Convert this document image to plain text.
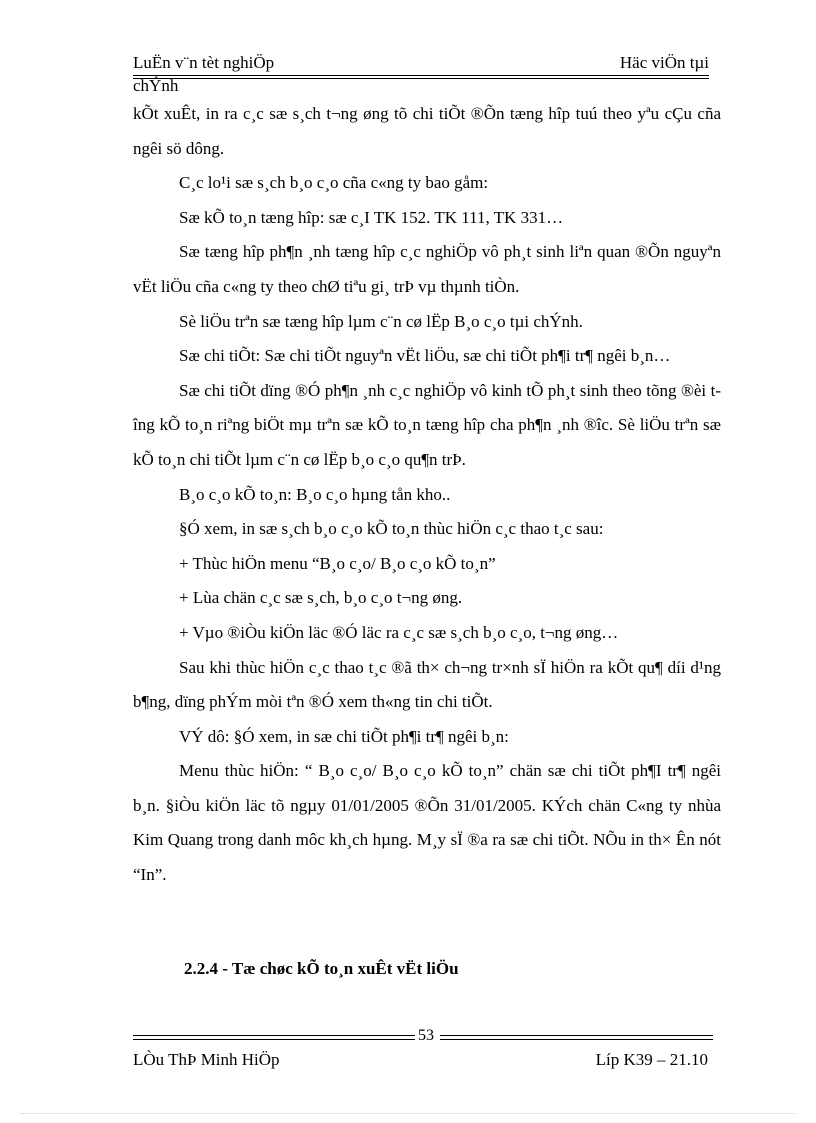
LuËn v¨n tèt nghiÖp	Häc viÖn tµi
chÝnh

kÕt xuÊt, in ra c¸c sæ s¸ch t¬ng øng tõ chi tiÕt ®Õn tæng hîp tuú theo yªu cÇu cña ngêi sö dông.

C¸c lo¹i sæ s¸ch b¸o c¸o cña c«ng ty bao gåm:

Sæ kÕ to¸n tæng hîp: sæ c¸I TK 152. TK 111, TK 331…

Sæ tæng hîp ph¶n ¸nh tæng hîp c¸c nghiÖp vô ph¸t sinh liªn quan ®Õn nguyªn vËt liÖu cña c«ng ty theo chØ tiªu gi¸ trÞ vµ thµnh tiÒn.

Sè liÖu trªn sæ tæng hîp lµm c¨n cø lËp B¸o c¸o tµi chÝnh.

Sæ chi tiÕt: Sæ chi tiÕt nguyªn vËt liÖu, sæ chi tiÕt ph¶i tr¶ ngêi b¸n…

Sæ chi tiÕt dïng ®Ó ph¶n ¸nh c¸c nghiÖp vô kinh tÕ ph¸t sinh theo tõng ®èi tîng kÕ to¸n riªng biÖt mµ trªn sæ kÕ to¸n tæng hîp cha ph¶n ¸nh ®îc. Sè liÖu trªn sæ kÕ to¸n chi tiÕt lµm c¨n cø lËp b¸o c¸o qu¶n trÞ.

B¸o c¸o kÕ to¸n: B¸o c¸o hµng tån kho..

§Ó xem, in sæ s¸ch b¸o c¸o kÕ to¸n thùc hiÖn c¸c thao t¸c sau:

+ Thùc hiÖn menu “B¸o c¸o/ B¸o c¸o kÕ to¸n”

+ Lùa chän c¸c sæ s¸ch, b¸o c¸o t¬ng øng.

+ Vµo ®iÒu kiÖn läc ®Ó läc ra c¸c sæ s¸ch b¸o c¸o, t¬ng øng…

Sau khi thùc hiÖn c¸c thao t¸c ®ã th× ch¬ng tr×nh sÏ hiÖn ra kÕt qu¶ díi d¹ng b¶ng, dïng phÝm mòi tªn ®Ó xem th«ng tin chi tiÕt.

VÝ dô: §Ó xem, in sæ chi tiÕt ph¶i tr¶ ngêi b¸n:

Menu thùc hiÖn: “ B¸o c¸o/ B¸o c¸o kÕ to¸n” chän sæ chi tiÕt ph¶I tr¶ ngêi b¸n. §iÒu kiÖn läc tõ ngµy 01/01/2005 ®Õn 31/01/2005. KÝch chän C«ng ty nhùa Kim Quang trong danh môc kh¸ch hµng. M¸y sÏ ®a ra sæ chi tiÕt. NÕu in th× Ên nót “In”.

2.2.4 - Tæ chøc kÕ to¸n xuÊt vËt liÖu
53
LÒu ThÞ Minh HiÖp	Líp K39 – 21.10
